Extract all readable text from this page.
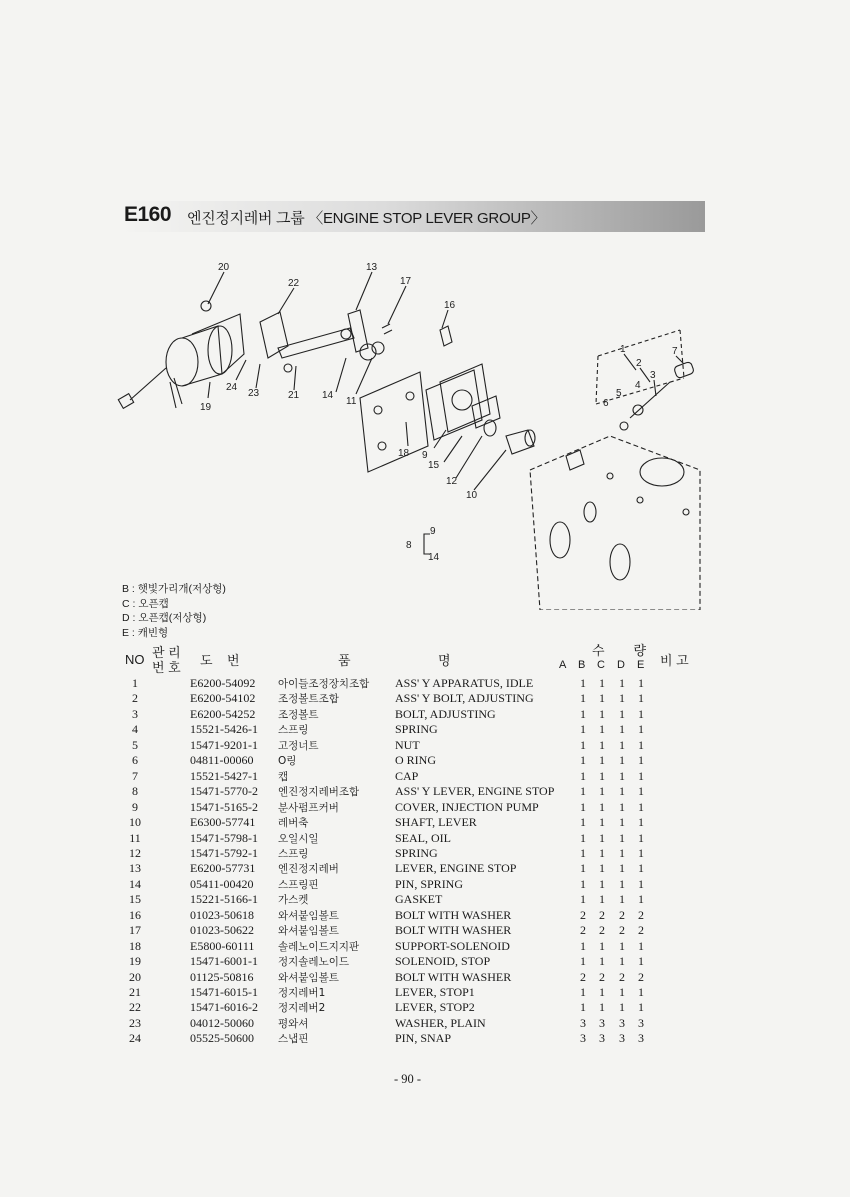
E160 엔진정지레버 그룹 〈ENGINE STOP LEVER GROUP〉
20
22
13
17
16
1
2
7
3
4
5
6
24
23	21 14
11
19
18 9
15
12
10
8
9
14
B : 햇빛가리개(저상형)
C : 오픈캡
D : 오픈캡(저상형)
E : 캐빈형
NO 관 리
번 호 도    번	품	명
수        량
A B C D E 비 고
1	E6200-54092 아이들조정장치조합 ASS' Y APPARATUS, IDLE	1	1	1	1
2	E6200-54102 조정볼트조합	ASS' Y BOLT, ADJUSTING	1	1	1	1
3	E6200-54252 조정볼트	BOLT, ADJUSTING	1	1	1	1
4	15521-5426-1 스프링	SPRING	1	1	1	1
5	15471-9201-1 고정너트	NUT	1	1	1	1
6	04811-00060 O링	O RING	1	1	1	1
7	15521-5427-1 캡	CAP	1	1	1	1
8	15471-5770-2 엔진정지레버조합	ASS' Y LEVER, ENGINE STOP	1	1	1	1
9	15471-5165-2 분사펌프커버	COVER, INJECTION PUMP	1	1	1	1
10	E6300-57741 레버축	SHAFT, LEVER	1	1	1	1
11	15471-5798-1 오일시일	SEAL, OIL	1	1	1	1
12	15471-5792-1 스프링	SPRING	1	1	1	1
13	E6200-57731 엔진정지레버	LEVER, ENGINE STOP	1	1	1	1
14	05411-00420 스프링핀	PIN, SPRING	1	1	1	1
15	15221-5166-1 가스켓	GASKET	1	1	1	1
16	01023-50618 와셔붙임볼트	BOLT WITH WASHER	2	2	2	2
17	01023-50622 와셔붙임볼트	BOLT WITH WASHER	2	2	2	2
18	E5800-60111 솔레노이드지지판	SUPPORT-SOLENOID	1	1	1	1
19	15471-6001-1 정지솔레노이드	SOLENOID, STOP	1	1	1	1
20	01125-50816 와셔붙임볼트	BOLT WITH WASHER	2	2	2	2
21	15471-6015-1 정지레버1	LEVER, STOP1	1	1	1	1
22	15471-6016-2 정지레버2	LEVER, STOP2	1	1	1	1
23	04012-50060 평와셔	WASHER, PLAIN	3	3	3	3
24	05525-50600 스냅핀	PIN, SNAP	3	3	3	3
- 90 -
